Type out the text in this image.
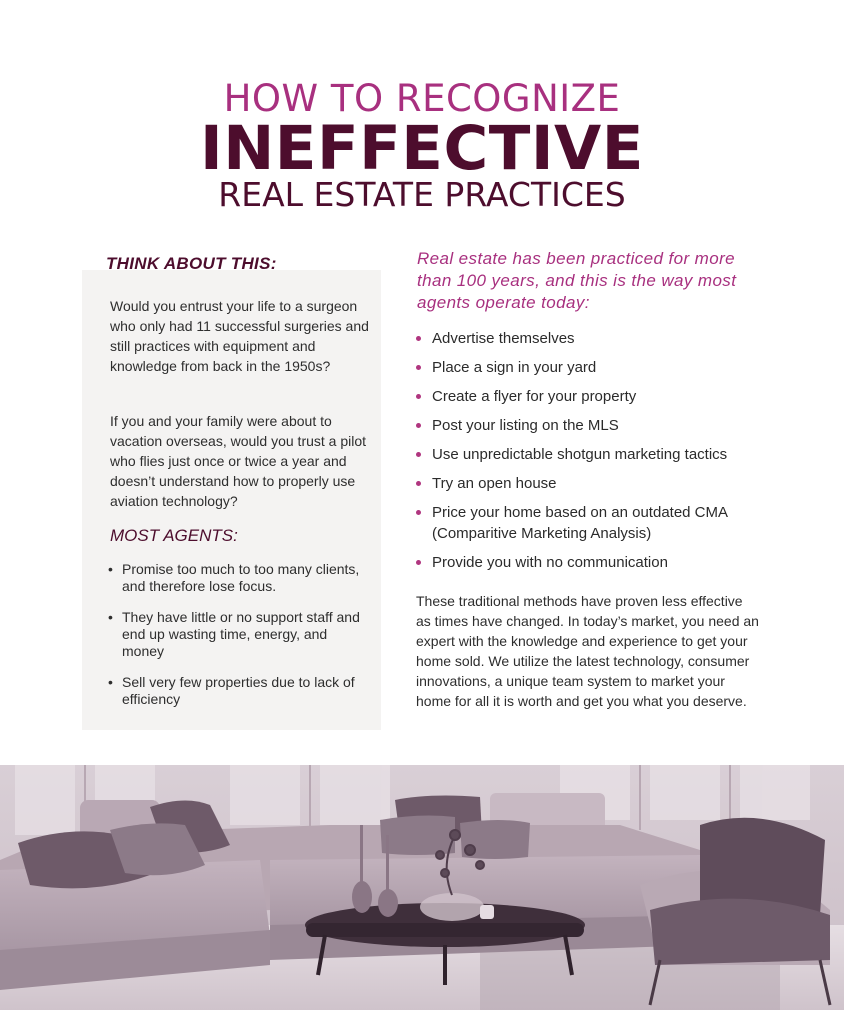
HOW TO RECOGNIZE
INEFFECTIVE
REAL ESTATE PRACTICES
THINK ABOUT THIS:

Would you entrust your life to a surgeon who only had 11 successful surgeries and still practices with equipment and knowledge from back in the 1950s?

If you and your family were about to vacation overseas, would you trust a pilot who flies just once or twice a year and doesn’t understand how to properly use aviation technology?

MOST AGENTS:
• Promise too much to too many clients, and therefore lose focus.
• They have little or no support staff and end up wasting time, energy, and money
• Sell very few properties due to lack of efficiency
Real estate has been practiced for more than 100 years, and this is the way most agents operate today:
Advertise themselves
Place a sign in your yard
Create a flyer for your property
Post your listing on the MLS
Use unpredictable shotgun marketing tactics
Try an open house
Price your home based on an outdated CMA (Comparitive Marketing Analysis)
Provide you with no communication

These traditional methods have proven less effective as times have changed. In today’s market, you need an expert with the knowledge and experience to get your home sold. We utilize the latest technology, consumer innovations, a unique team system to market your home for all it is worth and get you what you deserve.
